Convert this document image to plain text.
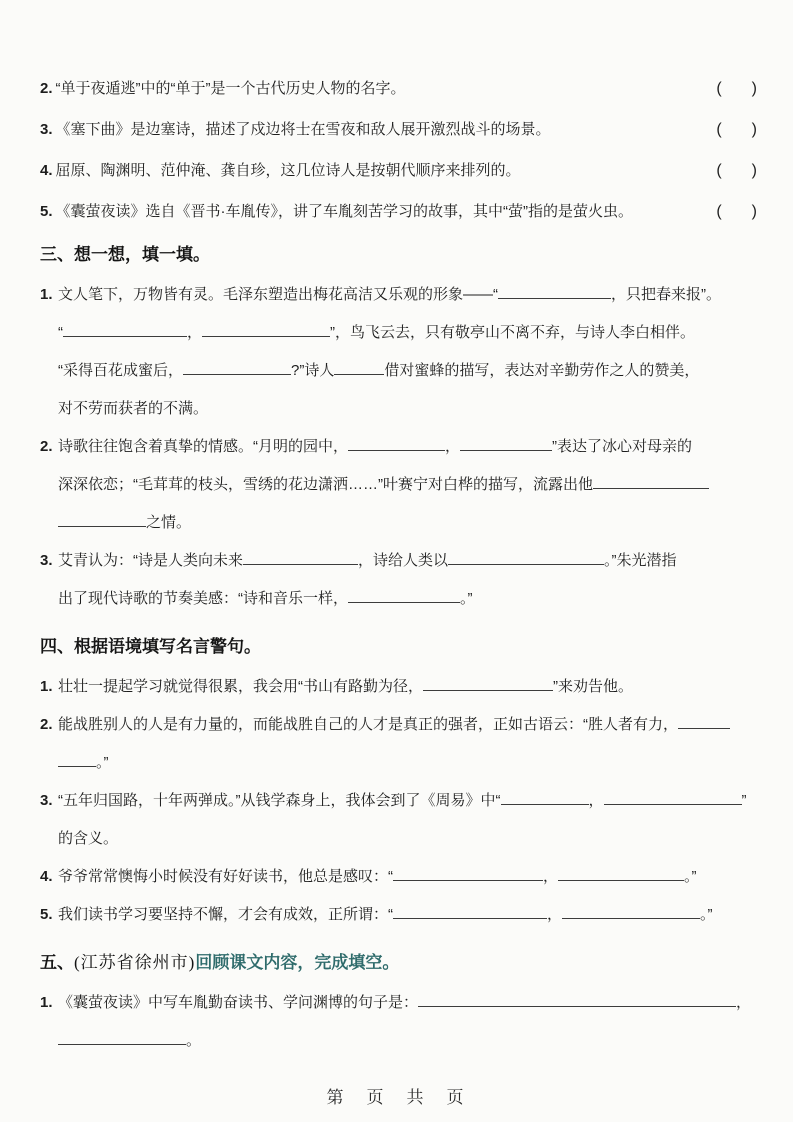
2. “单于夜遁逃”中的“单于”是一个古代历史人物的名字。	( )
3. 《塞下曲》是边塞诗，描述了戍边将士在雪夜和敌人展开激烈战斗的场景。	( )
4. 屈原、陶渊明、范仲淹、龚自珍，这几位诗人是按朝代顺序来排列的。	( )
5. 《囊萤夜读》选自《晋书·车胤传》，讲了车胤刻苦学习的故事，其中“萤”指的是萤火虫。	( )
三、想一想，填一填。
1. 文人笔下，万物皆有灵。毛泽东塑造出梅花高洁又乐观的形象——“	，只把春来报”。
“	，	”，鸟飞云去，只有敬亭山不离不弃，与诗人李白相伴。
“采得百花成蜜后，	?”诗人	借对蜜蜂的描写，表达对辛勤劳作之人的赞美，
对不劳而获者的不满。
2. 诗歌往往饱含着真挚的情感。“月明的园中，	，	”表达了冰心对母亲的
深深依恋；“毛茸茸的枝头，雪绣的花边潇洒……”叶赛宁对白桦的描写，流露出他
之情。
3. 艾青认为：“诗是人类向未来	，诗给人类以	。”朱光潜指
出了现代诗歌的节奏美感：“诗和音乐一样，	。”
四、根据语境填写名言警句。
1. 壮壮一提起学习就觉得很累，我会用“书山有路勤为径，	”来劝告他。
2. 能战胜别人的人是有力量的，而能战胜自己的人才是真正的强者，正如古语云：“胜人者有力，
。”
3. “五年归国路，十年两弹成。”从钱学森身上，我体会到了《周易》中“	，	”
的含义。
4. 爷爷常常懊悔小时候没有好好读书，他总是感叹：“	，	。”
5. 我们读书学习要坚持不懈，才会有成效，正所谓：“	，	。”
五、(江苏省徐州市)回顾课文内容，完成填空。
1. 《囊萤夜读》中写车胤勤奋读书、学问渊博的句子是：	，
。
第　页　共　页
